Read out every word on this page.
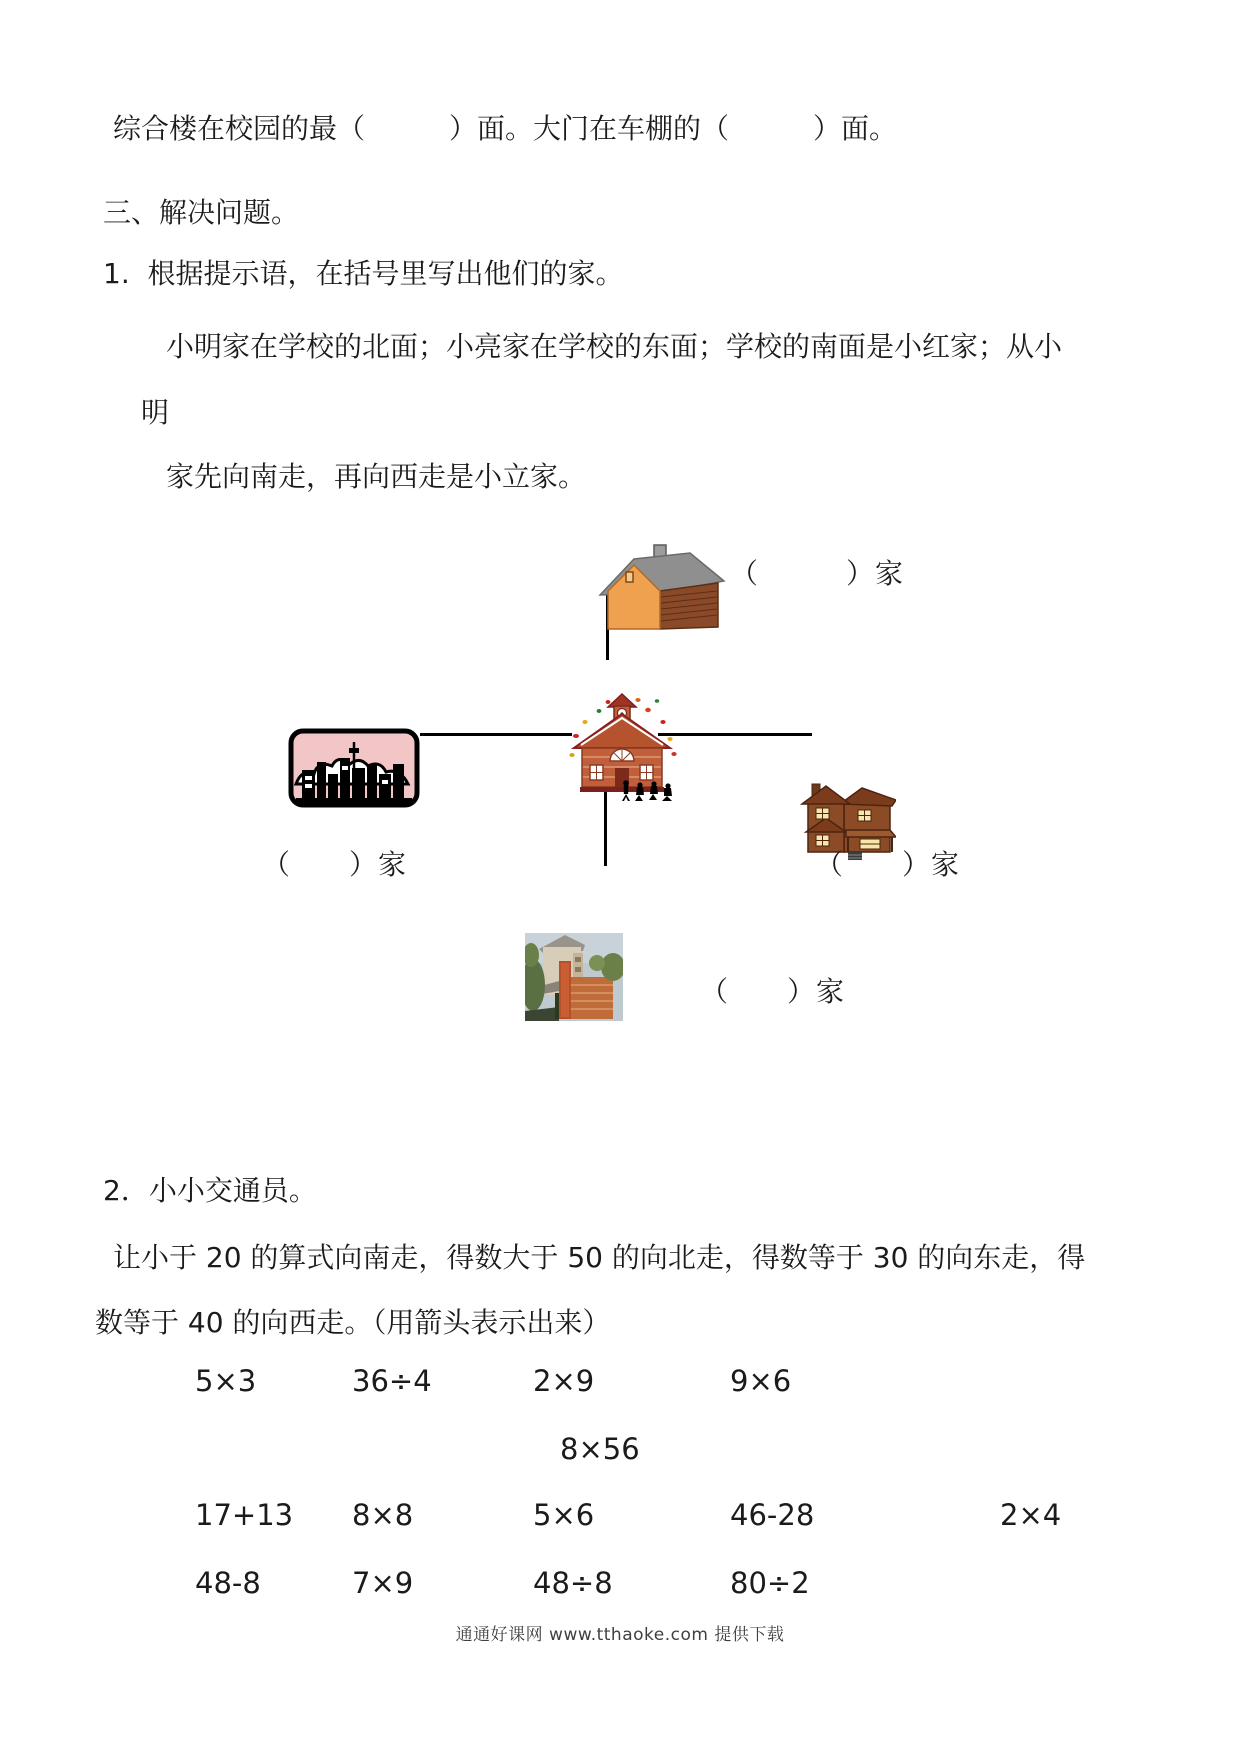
综合楼在校园的最（　　　）面。大门在车棚的（　　　）面。
三、解决问题。
1.  根据提示语，在括号里写出他们的家。
小明家在学校的北面；小亮家在学校的东面；学校的南面是小红家；从小
明
家先向南走，再向西走是小立家。

（　　　）家

（　　）家	（　　）家

（　　）家
2．小小交通员。
让小于 20 的算式向南走，得数大于 50 的向北走，得数等于 30 的向东走，得
数等于 40 的向西走。（用箭头表示出来）
5×3	36÷4	2×9	9×6
8×56
17+13 8×8	5×6	46-28	2×4
48-8	7×9	48÷8	80÷2
通通好课网 www.tthaoke.com 提供下载
